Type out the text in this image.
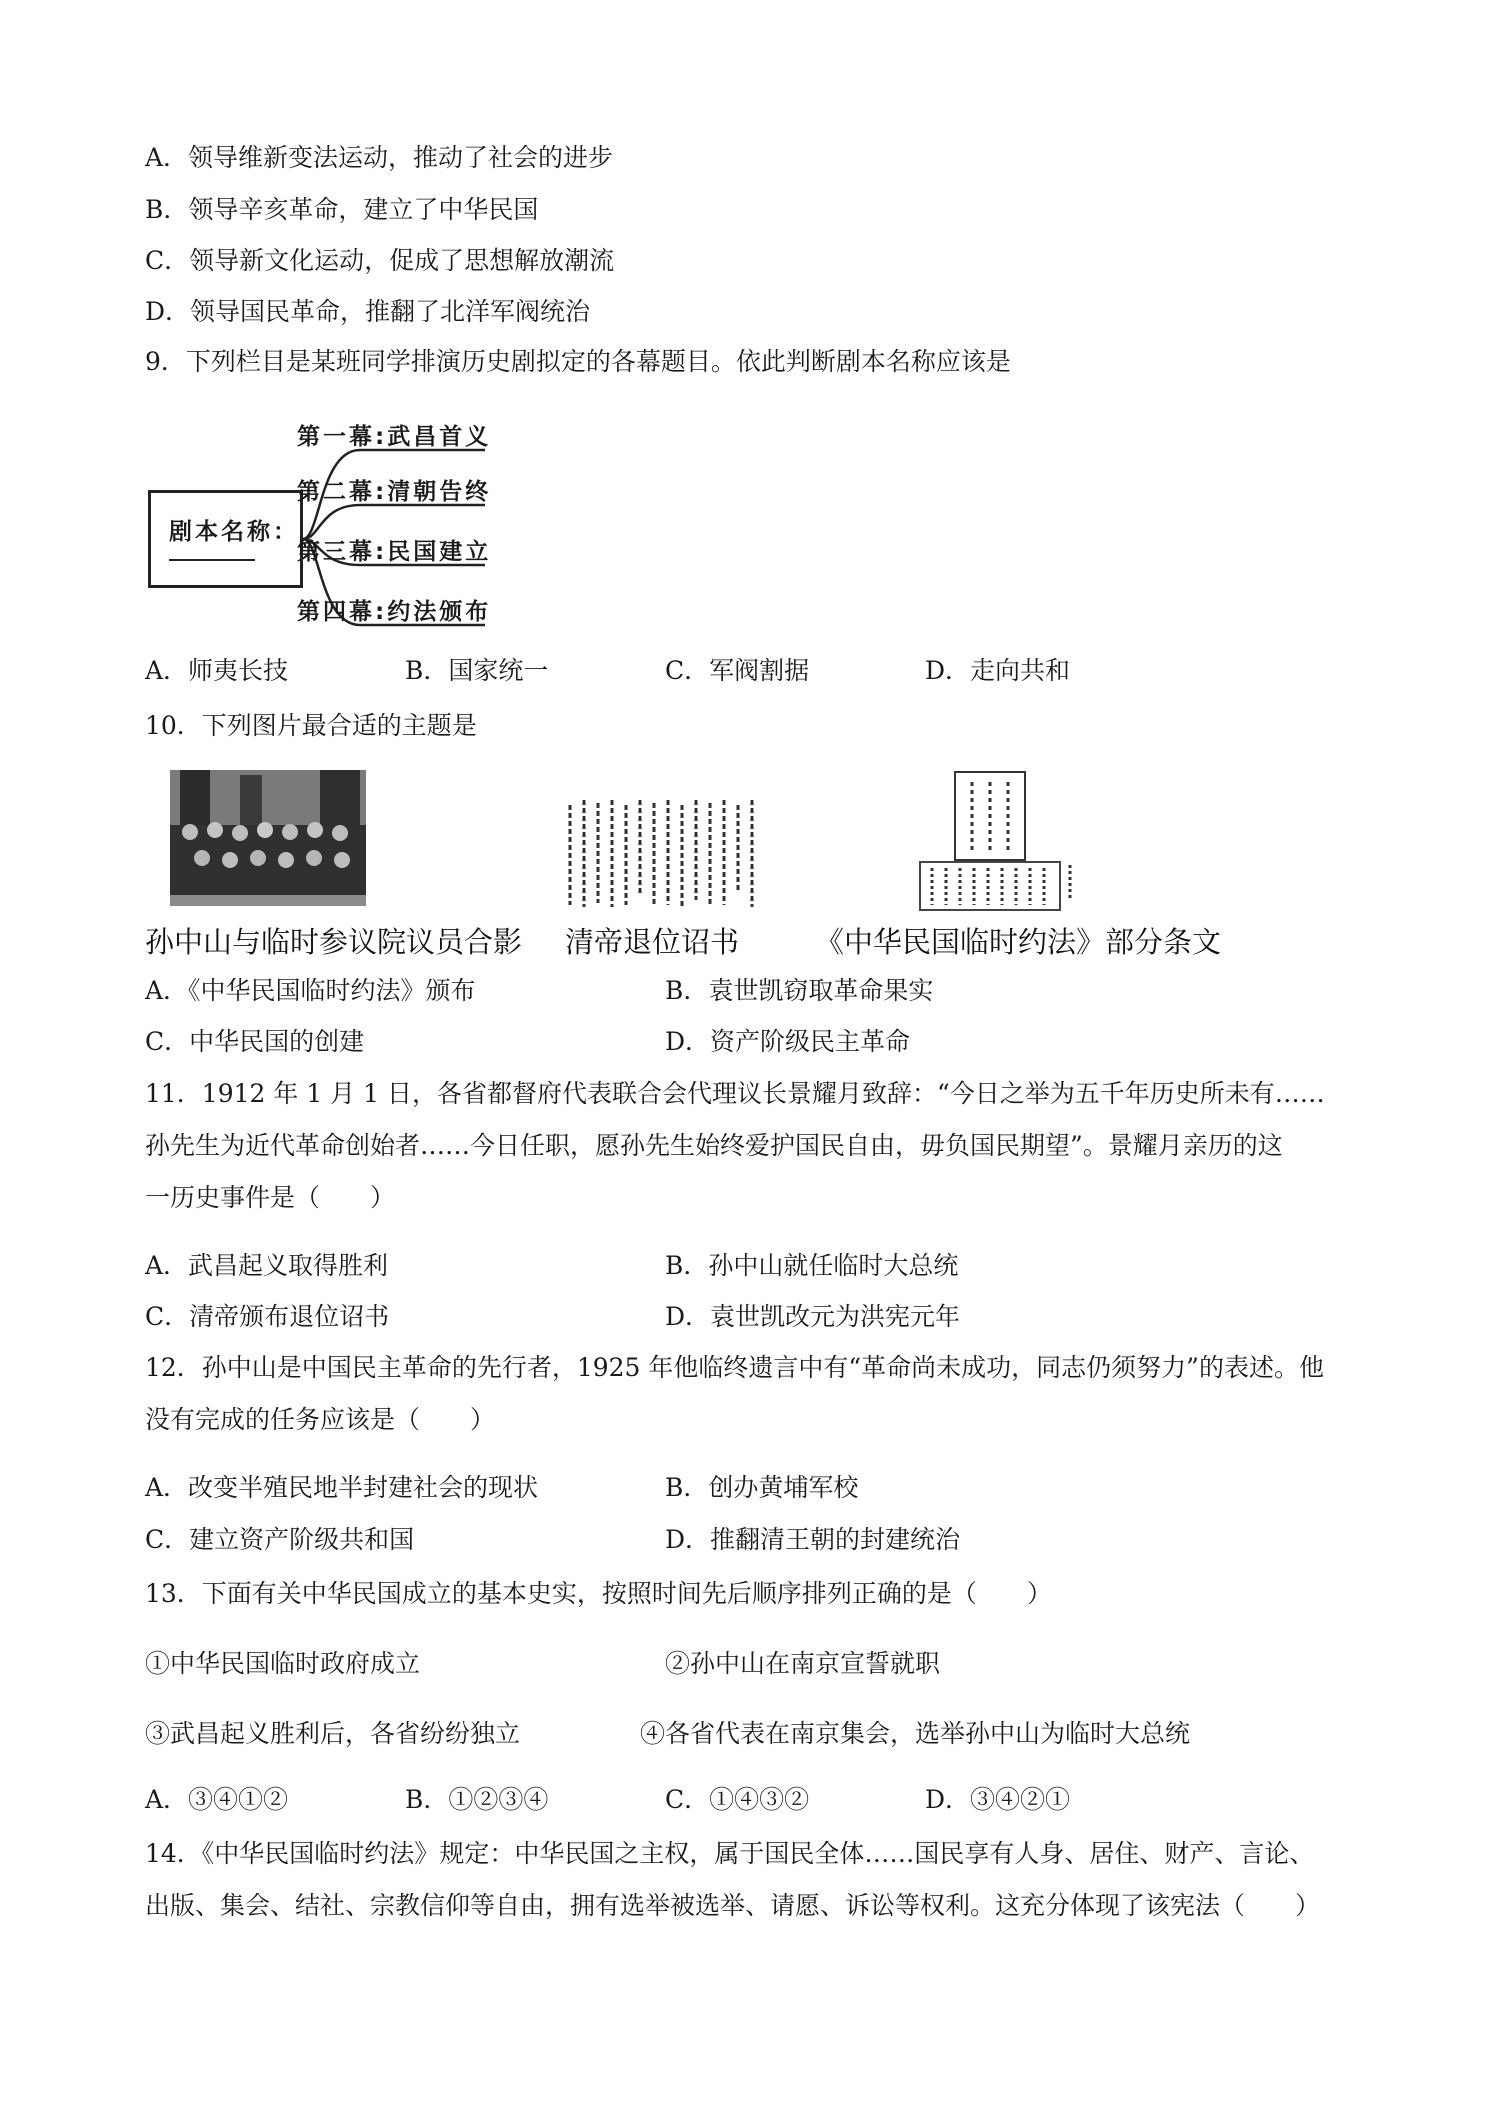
A．领导维新变法运动，推动了社会的进步
B．领导辛亥革命，建立了中华民国
C．领导新文化运动，促成了思想解放潮流
D．领导国民革命，推翻了北洋军阀统治
9．下列栏目是某班同学排演历史剧拟定的各幕题目。依此判断剧本名称应该是
剧本名称：
第一幕:武昌首义
第二幕:清朝告终
第三幕:民国建立
第四幕:约法颁布
A．师夷长技	B．国家统一	C．军阀割据	D．走向共和
10．下列图片最合适的主题是
孙中山与临时参议院议员合影 清帝退位诏书	《中华民国临时约法》部分条文
A．《中华民国临时约法》颁布	B．袁世凯窃取革命果实
C．中华民国的创建	D．资产阶级民主革命
11．1912 年 1 月 1 日，各省都督府代表联合会代理议长景耀月致辞：“今日之举为五千年历史所未有……
孙先生为近代革命创始者……今日任职，愿孙先生始终爱护国民自由，毋负国民期望”。景耀月亲历的这
一历史事件是（　　）
A．武昌起义取得胜利	B．孙中山就任临时大总统
C．清帝颁布退位诏书	D．袁世凯改元为洪宪元年
12．孙中山是中国民主革命的先行者，1925 年他临终遗言中有“革命尚未成功，同志仍须努力”的表述。他
没有完成的任务应该是（　　）
A．改变半殖民地半封建社会的现状	B．创办黄埔军校
C．建立资产阶级共和国	D．推翻清王朝的封建统治
13．下面有关中华民国成立的基本史实，按照时间先后顺序排列正确的是（　　）
①中华民国临时政府成立	②孙中山在南京宣誓就职
③武昌起义胜利后，各省纷纷独立	④各省代表在南京集会，选举孙中山为临时大总统
A．③④①②	B．①②③④	C．①④③②	D．③④②①
14．《中华民国临时约法》规定：中华民国之主权，属于国民全体……国民享有人身、居住、财产、言论、
出版、集会、结社、宗教信仰等自由，拥有选举被选举、请愿、诉讼等权利。这充分体现了该宪法（　　）
